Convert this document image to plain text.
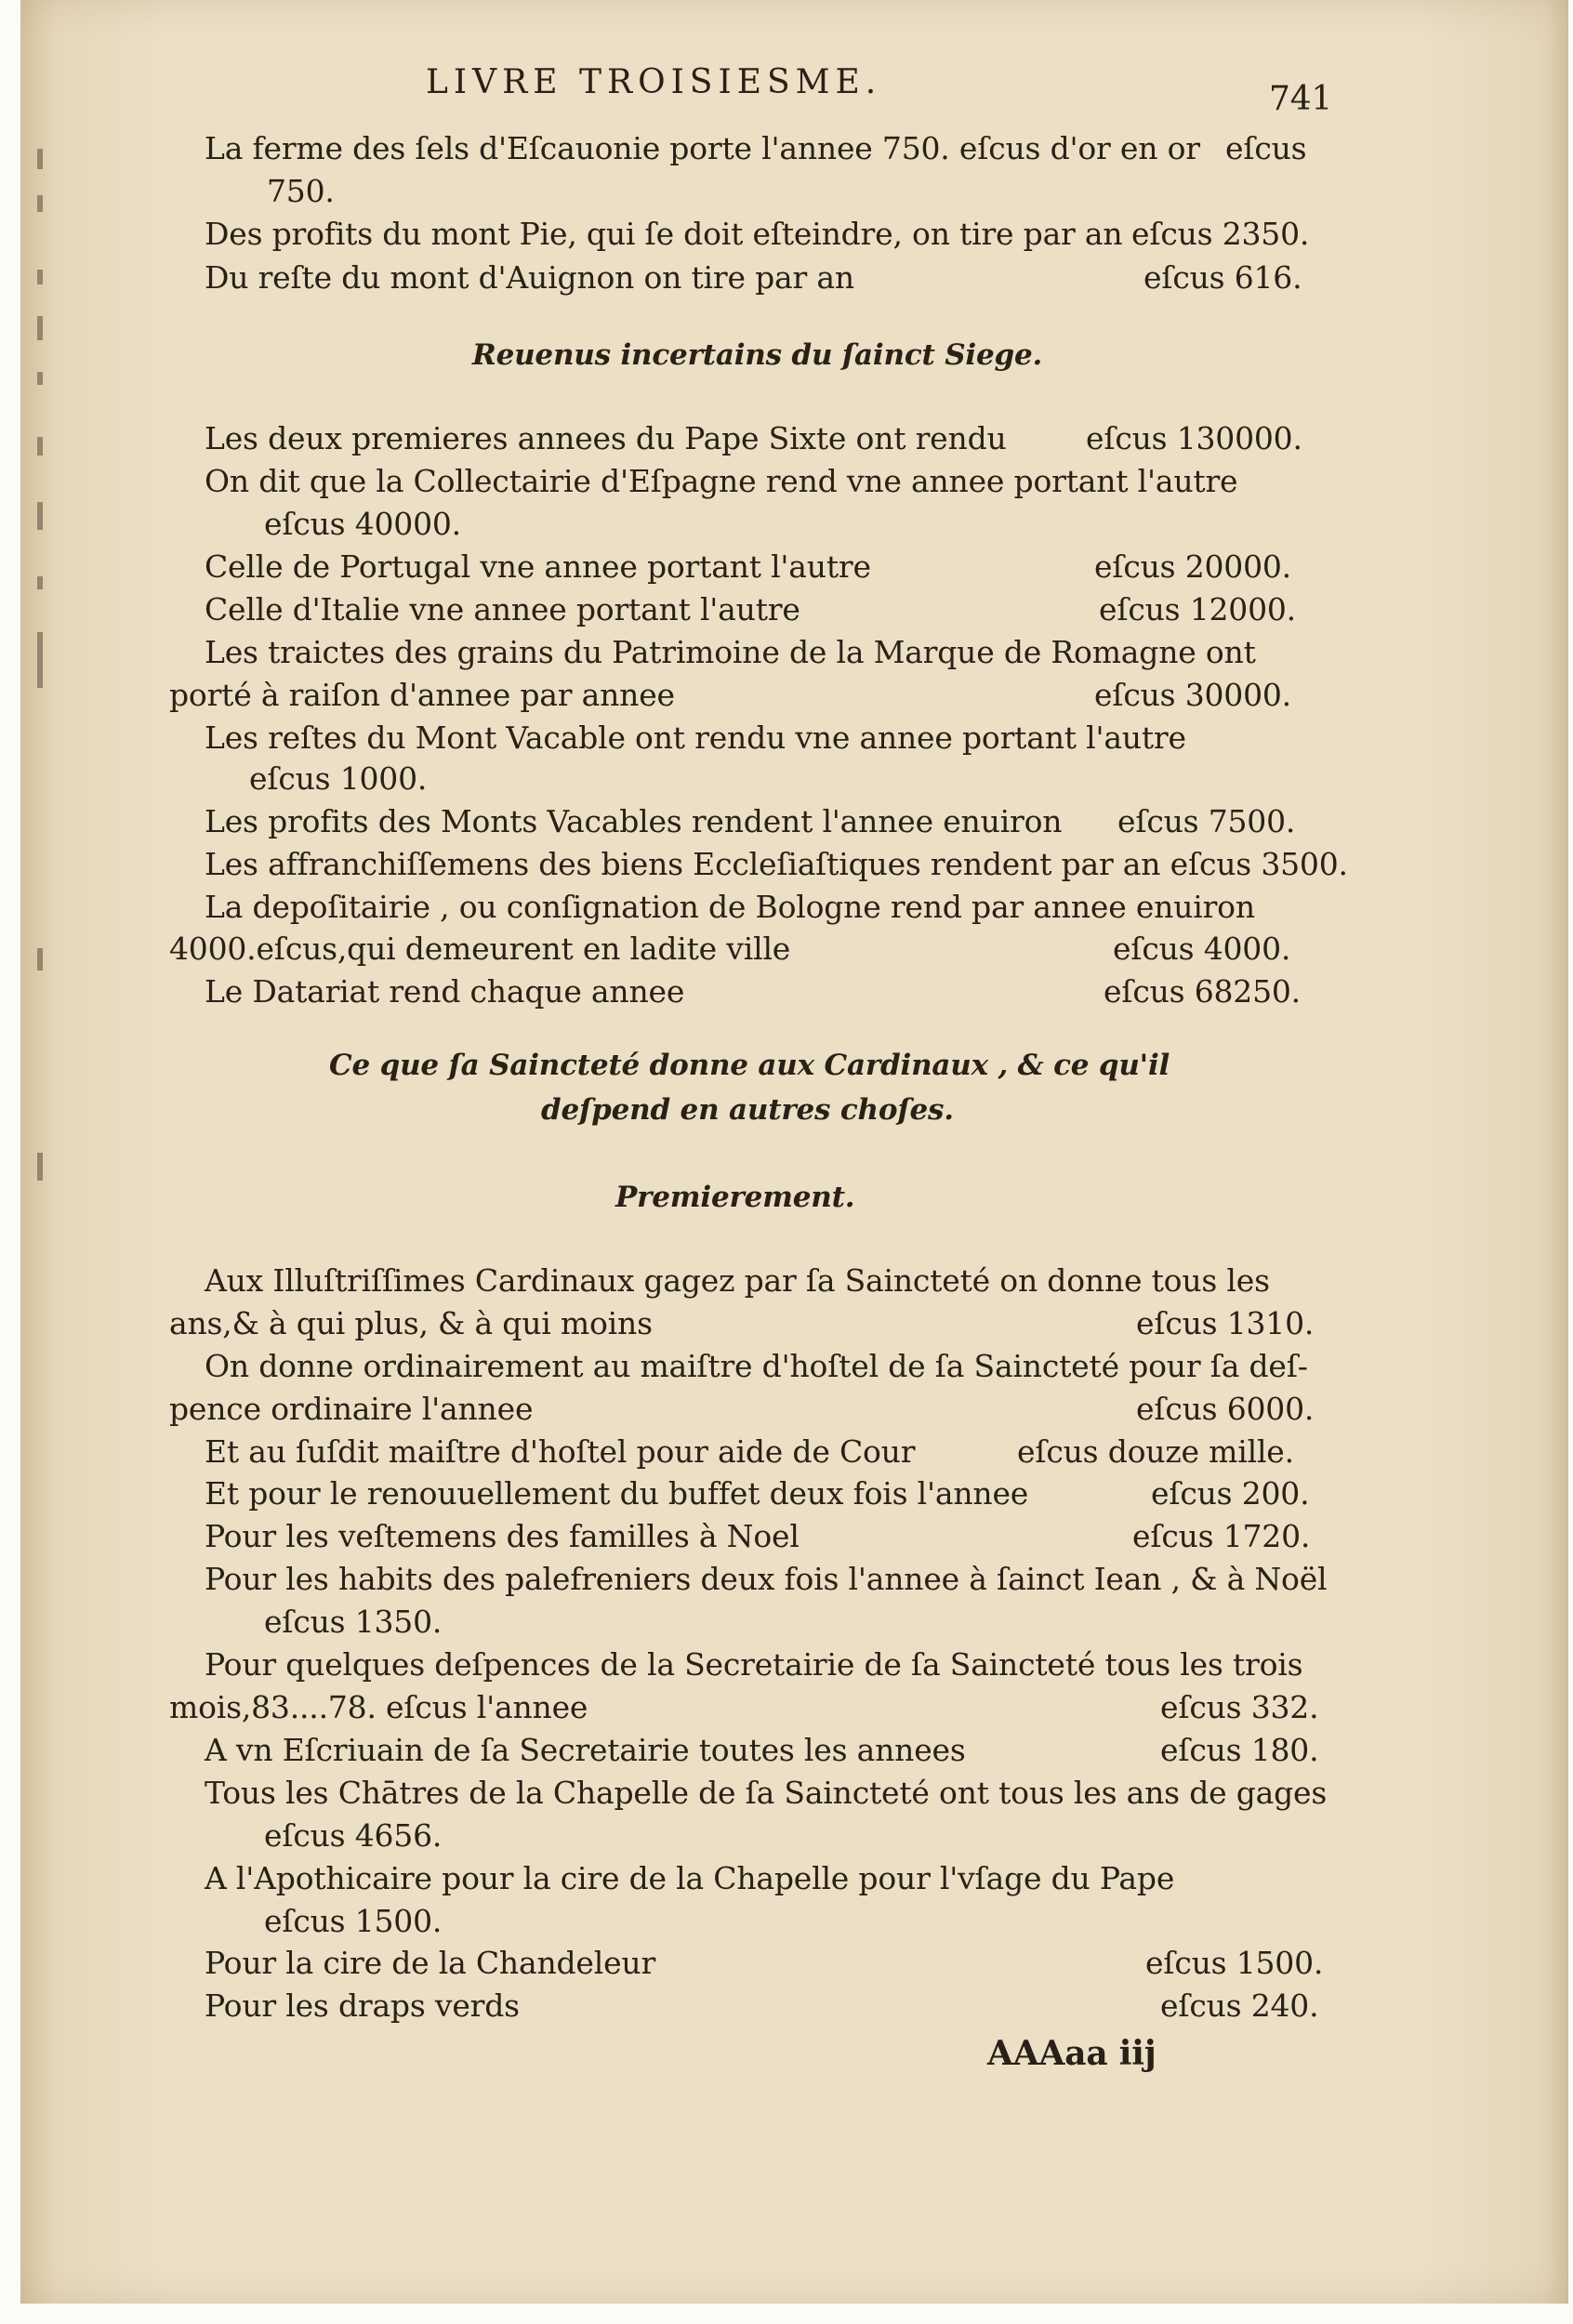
LIVRE TROISIESME.	741
La ferme des ſels d'Eſcauonie porte l'annee 750. eſcus d'or en or eſcus
750.
Des profits du mont Pie, qui ſe doit eſteindre, on tire par an eſcus 2350.
Du reſte du mont d'Auignon on tire par an	eſcus 616.
Reuenus incertains du ſainct Siege.
Les deux premieres annees du Pape Sixte ont rendu	eſcus 130000.
On dit que la Collectairie d'Eſpagne rend vne annee portant l'autre
eſcus 40000.
Celle de Portugal vne annee portant l'autre	eſcus 20000.
Celle d'Italie vne annee portant l'autre	eſcus 12000.
Les traictes des grains du Patrimoine de la Marque de Romagne ont
porté à raiſon d'annee par annee	eſcus 30000.
Les reſtes du Mont Vacable ont rendu vne annee portant l'autre
eſcus 1000.
Les profits des Monts Vacables rendent l'annee enuiron eſcus 7500.
Les affranchiſſemens des biens Eccleſiaſtiques rendent par an eſcus 3500.
La depoſitairie , ou conſignation de Bologne rend par annee enuiron
4000.eſcus,qui demeurent en ladite ville	eſcus 4000.
Le Datariat rend chaque annee	eſcus 68250.
Ce que ſa Saincteté donne aux Cardinaux , & ce qu'il
deſpend en autres choſes.
Premierement.
Aux Illuſtriſſimes Cardinaux gagez par ſa Saincteté on donne tous les
ans,& à qui plus, & à qui moins	eſcus 1310.
On donne ordinairement au maiſtre d'hoſtel de ſa Saincteté pour ſa deſ-
pence ordinaire l'annee	eſcus 6000.
Et au ſuſdit maiſtre d'hoſtel pour aide de Cour	eſcus douze mille.
Et pour le renouuellement du buffet deux fois l'annee	eſcus 200.
Pour les veſtemens des familles à Noel	eſcus 1720.
Pour les habits des palefreniers deux fois l'annee à ſainct Iean , & à Noël
eſcus 1350.
Pour quelques deſpences de la Secretairie de ſa Saincteté tous les trois
mois,83....78. eſcus l'annee	eſcus 332.
A vn Eſcriuain de ſa Secretairie toutes les annees	eſcus 180.
Tous les Chātres de la Chapelle de ſa Saincteté ont tous les ans de gages
eſcus 4656.
A l'Apothicaire pour la cire de la Chapelle pour l'vſage du Pape
eſcus 1500.
Pour la cire de la Chandeleur	eſcus 1500.
Pour les draps verds	eſcus 240.
AAAaa iij
